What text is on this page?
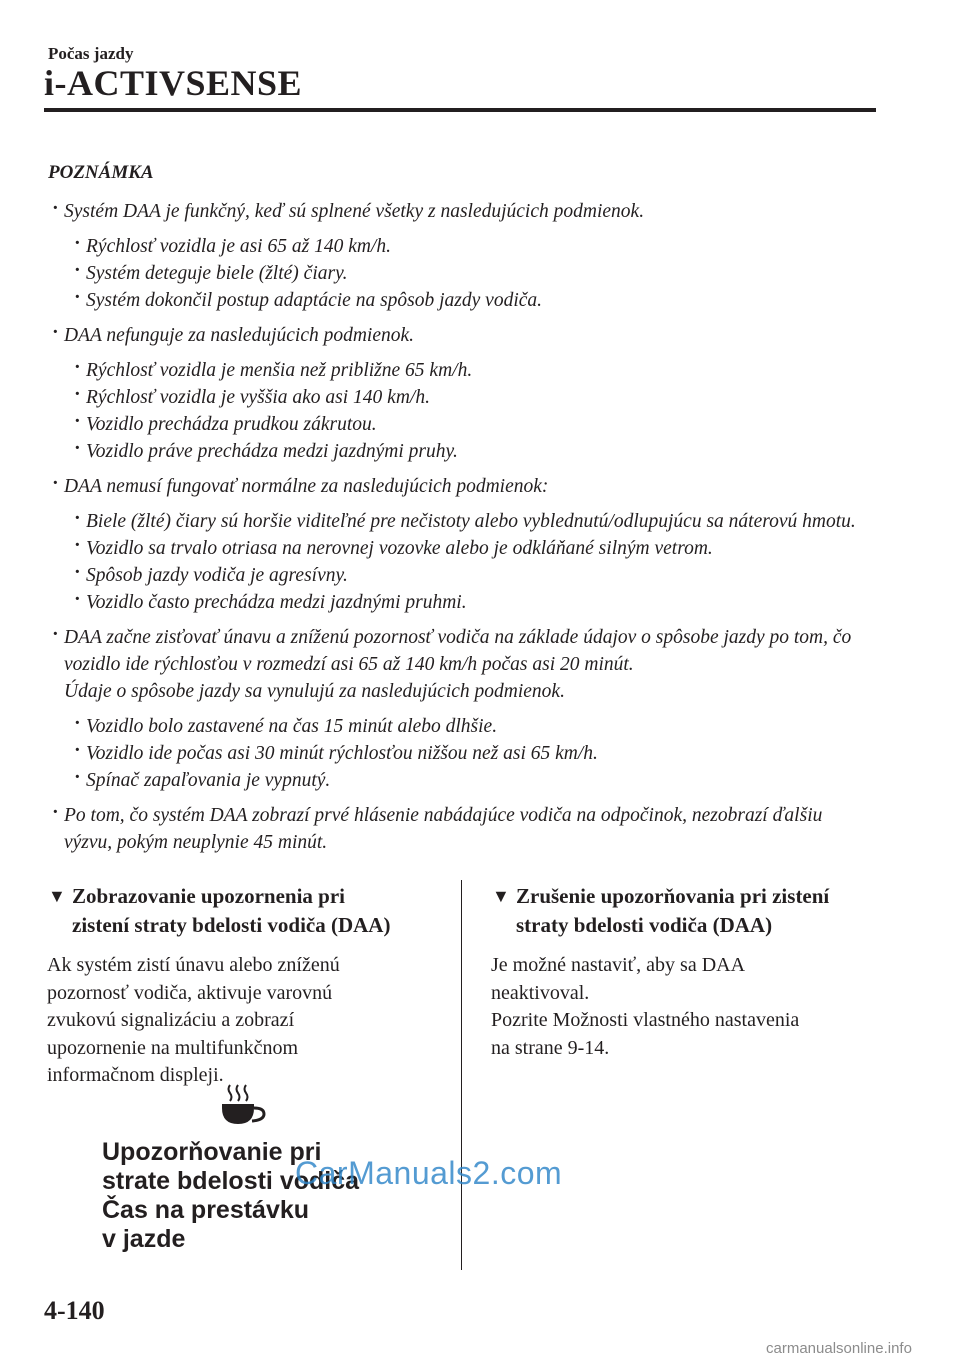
Počas jazdy
i-ACTIVSENSE
POZNÁMKA
· Systém DAA je funkčný, keď sú splnené všetky z nasledujúcich podmienok.
· Rýchlosť vozidla je asi 65 až 140 km/h.
· Systém deteguje biele (žlté) čiary.
· Systém dokončil postup adaptácie na spôsob jazdy vodiča.
· DAA nefunguje za nasledujúcich podmienok.
· Rýchlosť vozidla je menšia než približne 65 km/h.
· Rýchlosť vozidla je vyššia ako asi 140 km/h.
· Vozidlo prechádza prudkou zákrutou.
· Vozidlo práve prechádza medzi jazdnými pruhy.
· DAA nemusí fungovať normálne za nasledujúcich podmienok:
· Biele (žlté) čiary sú horšie viditeľné pre nečistoty alebo vyblednutú/odlupujúcu sa náterovú hmotu.
· Vozidlo sa trvalo otriasa na nerovnej vozovke alebo je odkláňané silným vetrom.
· Spôsob jazdy vodiča je agresívny.
· Vozidlo často prechádza medzi jazdnými pruhmi.
· DAA začne zisťovať únavu a zníženú pozornosť vodiča na základe údajov o spôsobe jazdy po tom, čo vozidlo ide rýchlosťou v rozmedzí asi 65 až 140 km/h počas asi 20 minút.
Údaje o spôsobe jazdy sa vynulujú za nasledujúcich podmienok.
· Vozidlo bolo zastavené na čas 15 minút alebo dlhšie.
· Vozidlo ide počas asi 30 minút rýchlosťou nižšou než asi 65 km/h.
· Spínač zapaľovania je vypnutý.
· Po tom, čo systém DAA zobrazí prvé hlásenie nabádajúce vodiča na odpočinok, nezobrazí ďalšiu výzvu, pokým neuplynie 45 minút.
▼ Zobrazovanie upozornenia pri
zistení straty bdelosti vodiča (DAA)
Ak systém zistí únavu alebo zníženú
pozornosť vodiča, aktivuje varovnú
zvukovú signalizáciu a zobrazí
upozornenie na multifunkčnom
informačnom displeji.
Upozorňovanie pri
strate bdelosti vodiča
Čas na prestávku
v jazde
▼ Zrušenie upozorňovania pri zistení
straty bdelosti vodiča (DAA)
Je možné nastaviť, aby sa DAA
neaktivoval.
Pozrite Možnosti vlastného nastavenia
na strane 9-14.
CarManuals2.com
4-140
carmanualsonline.info
